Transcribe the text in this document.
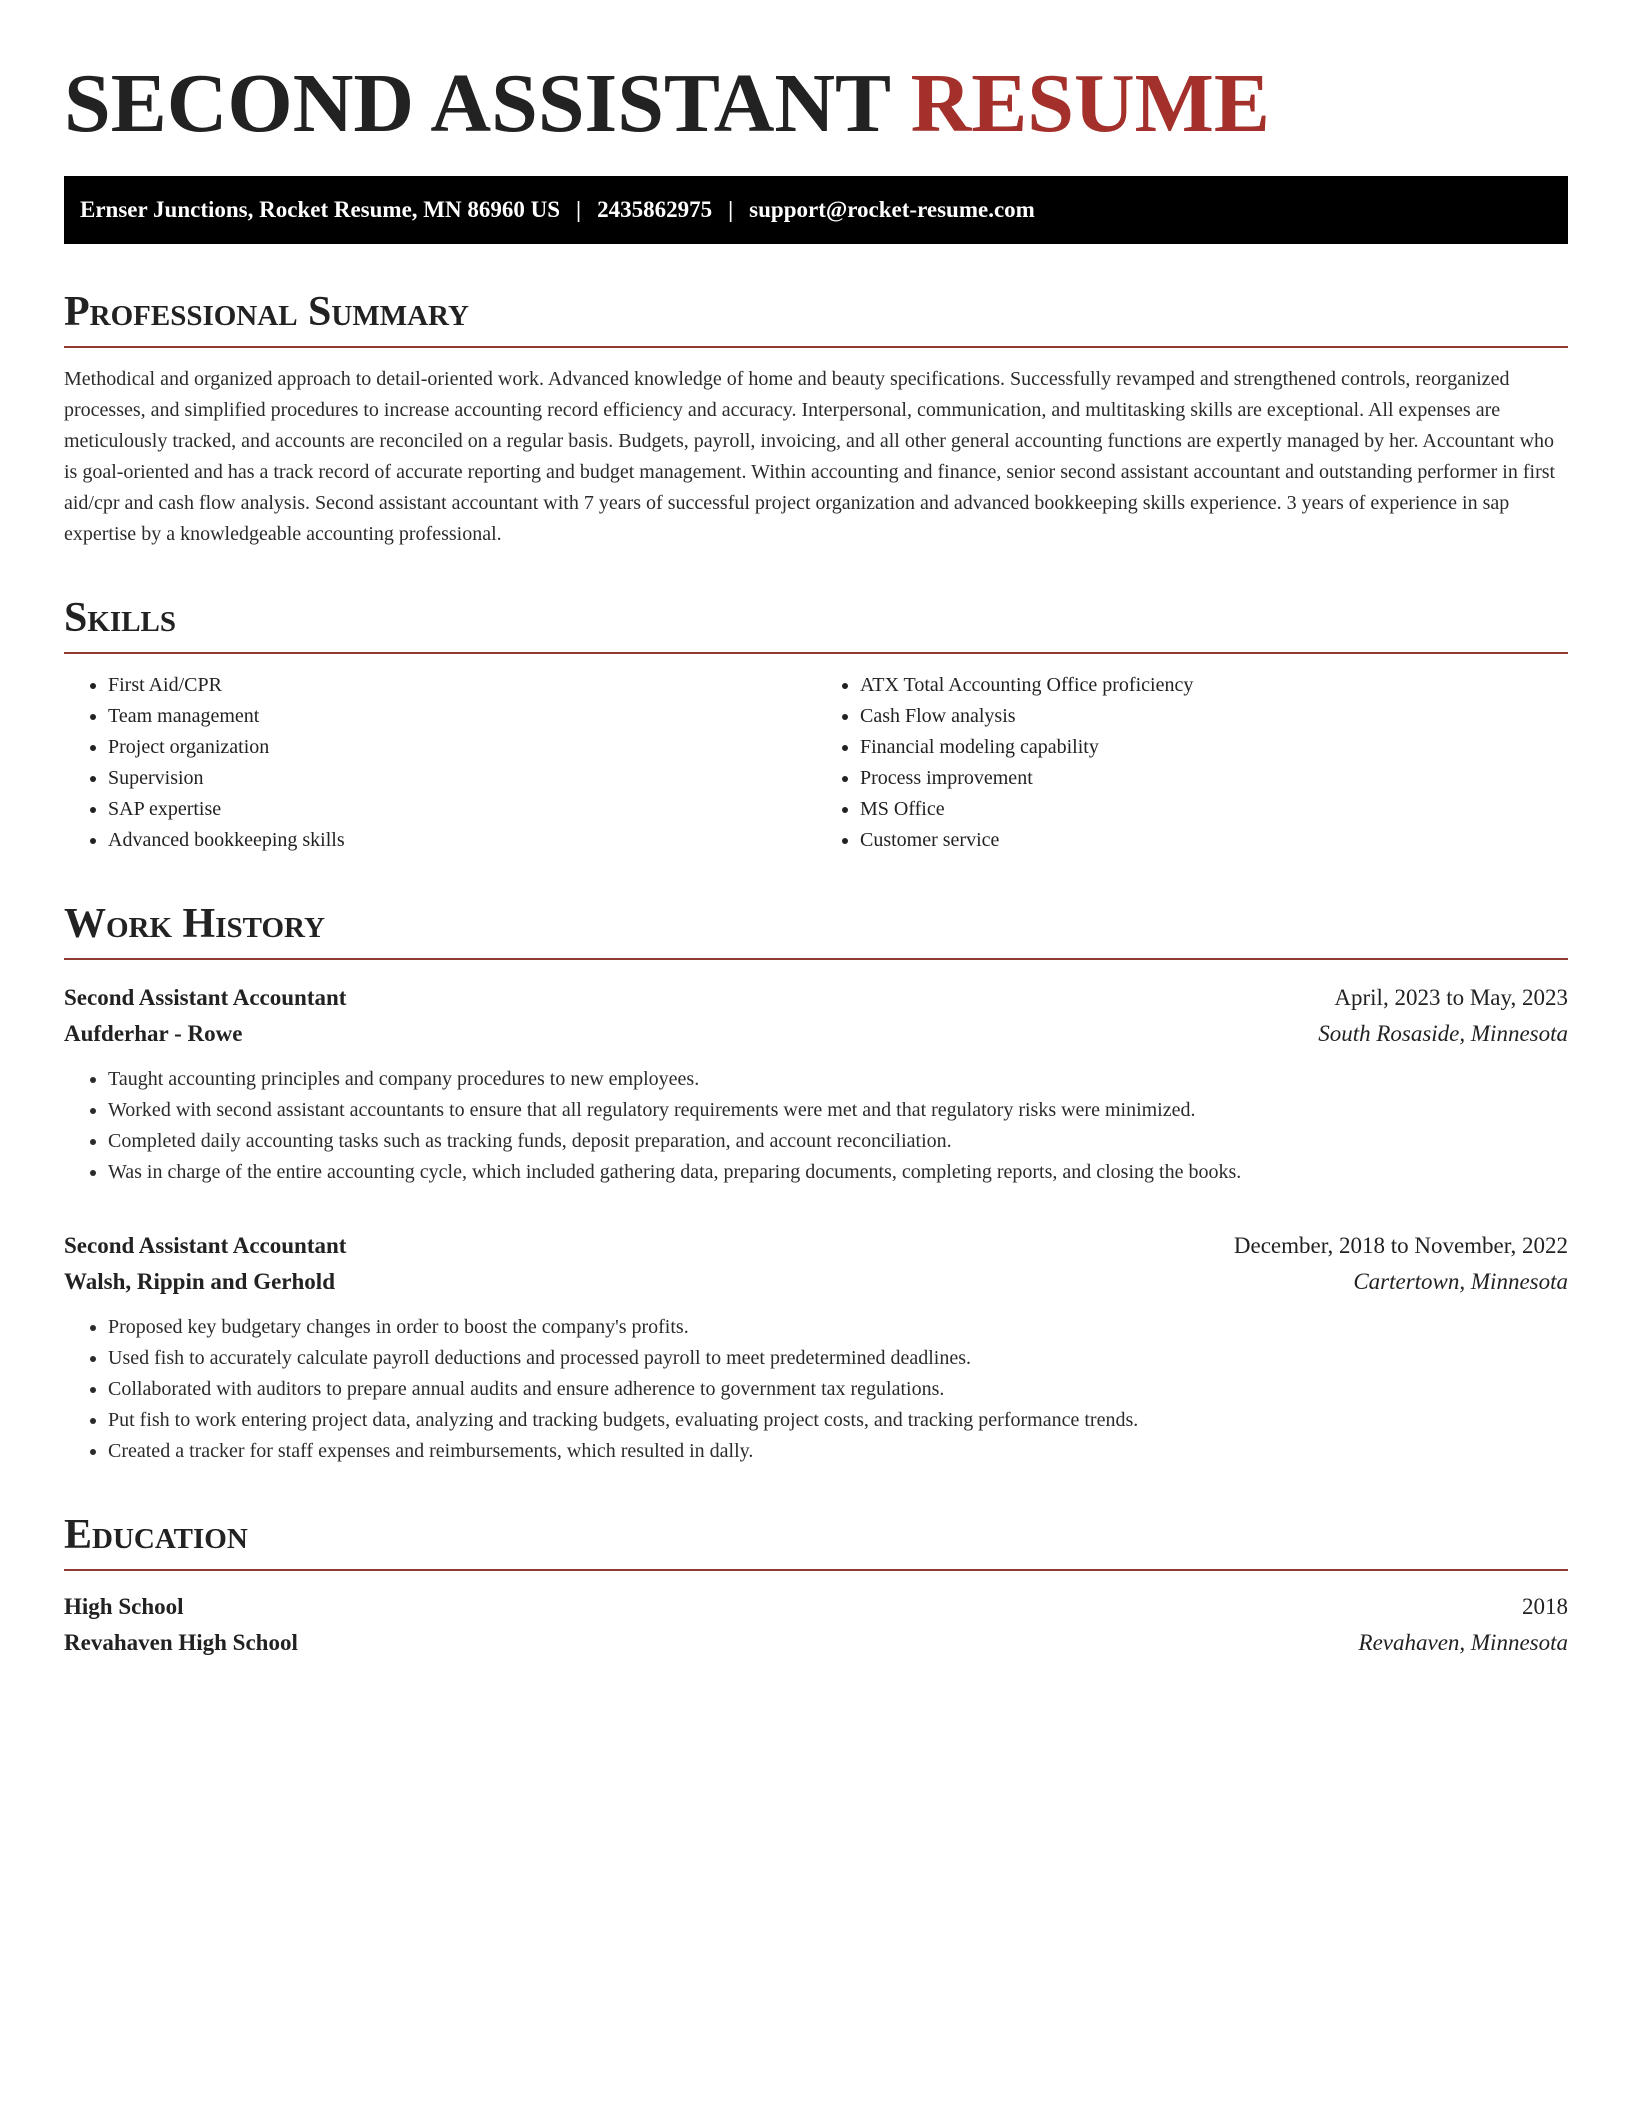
SECOND ASSISTANT RESUME
Ernser Junctions, Rocket Resume, MN 86960 US | 2435862975 | support@rocket-resume.com
Professional Summary

Methodical and organized approach to detail-oriented work. Advanced knowledge of home and beauty specifications. Successfully revamped and strengthened controls, reorganized processes, and simplified procedures to increase accounting record efficiency and accuracy. Interpersonal, communication, and multitasking skills are exceptional. All expenses are meticulously tracked, and accounts are reconciled on a regular basis. Budgets, payroll, invoicing, and all other general accounting functions are expertly managed by her. Accountant who is goal-oriented and has a track record of accurate reporting and budget management. Within accounting and finance, senior second assistant accountant and outstanding performer in first aid/cpr and cash flow analysis. Second assistant accountant with 7 years of successful project organization and advanced bookkeeping skills experience. 3 years of experience in sap expertise by a knowledgeable accounting professional.

Skills
• First Aid/CPR
• Team management
• Project organization
• Supervision
• SAP expertise
• Advanced bookkeeping skills
• ATX Total Accounting Office proficiency
• Cash Flow analysis
• Financial modeling capability
• Process improvement
• MS Office
• Customer service
Work History
Second Assistant Accountant	April, 2023 to May, 2023
Aufderhar - Rowe	South Rosaside, Minnesota
• Taught accounting principles and company procedures to new employees.
• Worked with second assistant accountants to ensure that all regulatory requirements were met and that regulatory risks were minimized.
• Completed daily accounting tasks such as tracking funds, deposit preparation, and account reconciliation.
• Was in charge of the entire accounting cycle, which included gathering data, preparing documents, completing reports, and closing the books.
Second Assistant Accountant	December, 2018 to November, 2022
Walsh, Rippin and Gerhold	Cartertown, Minnesota
• Proposed key budgetary changes in order to boost the company's profits.
• Used fish to accurately calculate payroll deductions and processed payroll to meet predetermined deadlines.
• Collaborated with auditors to prepare annual audits and ensure adherence to government tax regulations.
• Put fish to work entering project data, analyzing and tracking budgets, evaluating project costs, and tracking performance trends.
• Created a tracker for staff expenses and reimbursements, which resulted in dally.
Education
High School	2018
Revahaven High School	Revahaven, Minnesota
